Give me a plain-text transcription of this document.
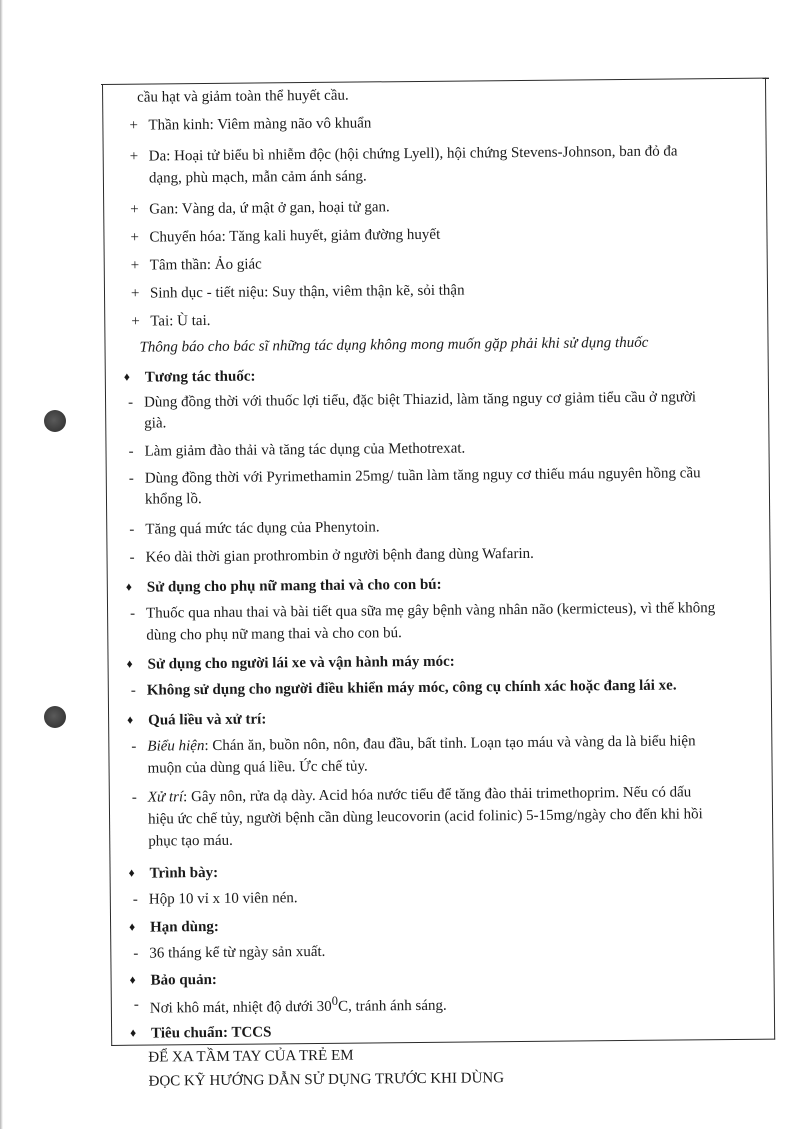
cầu hạt và giảm toàn thể huyết cầu.
+ Thần kinh: Viêm màng não vô khuẩn
+ Da: Hoại tử biểu bì nhiễm độc (hội chứng Lyell), hội chứng Stevens-Johnson, ban đỏ đa
dạng, phù mạch, mẫn cảm ánh sáng.
+ Gan: Vàng da, ứ mật ở gan, hoại tử gan.
+ Chuyển hóa: Tăng kali huyết, giảm đường huyết
+ Tâm thần: Ảo giác
+ Sinh dục - tiết niệu: Suy thận, viêm thận kẽ, sỏi thận
+ Tai: Ù tai.
Thông báo cho bác sĩ những tác dụng không mong muốn gặp phải khi sử dụng thuốc
♦ Tương tác thuốc:
- Dùng đồng thời với thuốc lợi tiểu, đặc biệt Thiazid, làm tăng nguy cơ giảm tiểu cầu ở người
già.
- Làm giảm đào thải và tăng tác dụng của Methotrexat.
- Dùng đồng thời với Pyrimethamin 25mg/ tuần làm tăng nguy cơ thiếu máu nguyên hồng cầu
khổng lồ.
- Tăng quá mức tác dụng của Phenytoin.
- Kéo dài thời gian prothrombin ở người bệnh đang dùng Wafarin.
♦ Sử dụng cho phụ nữ mang thai và cho con bú:
- Thuốc qua nhau thai và bài tiết qua sữa mẹ gây bệnh vàng nhân não (kermicteus), vì thế không
dùng cho phụ nữ mang thai và cho con bú.
♦ Sử dụng cho người lái xe và vận hành máy móc:
- Không sử dụng cho người điều khiển máy móc, công cụ chính xác hoặc đang lái xe.
♦ Quá liều và xử trí:
- Biểu hiện: Chán ăn, buồn nôn, nôn, đau đầu, bất tỉnh. Loạn tạo máu và vàng da là biểu hiện
muộn của dùng quá liều. Ức chế tủy.
- Xử trí: Gây nôn, rửa dạ dày. Acid hóa nước tiểu để tăng đào thải trimethoprim. Nếu có dấu
hiệu ức chế tủy, người bệnh cần dùng leucovorin (acid folinic) 5-15mg/ngày cho đến khi hồi
phục tạo máu.
♦ Trình bày:
- Hộp 10 vỉ x 10 viên nén.
♦ Hạn dùng:
- 36 tháng kể từ ngày sản xuất.
♦ Bảo quản:
- Nơi khô mát, nhiệt độ dưới $30^0C$, tránh ánh sáng.
♦ Tiêu chuẩn: TCCS
ĐỂ XA TẦM TAY CỦA TRẺ EM
ĐỌC KỸ HƯỚNG DẪN SỬ DỤNG TRƯỚC KHI DÙNG
